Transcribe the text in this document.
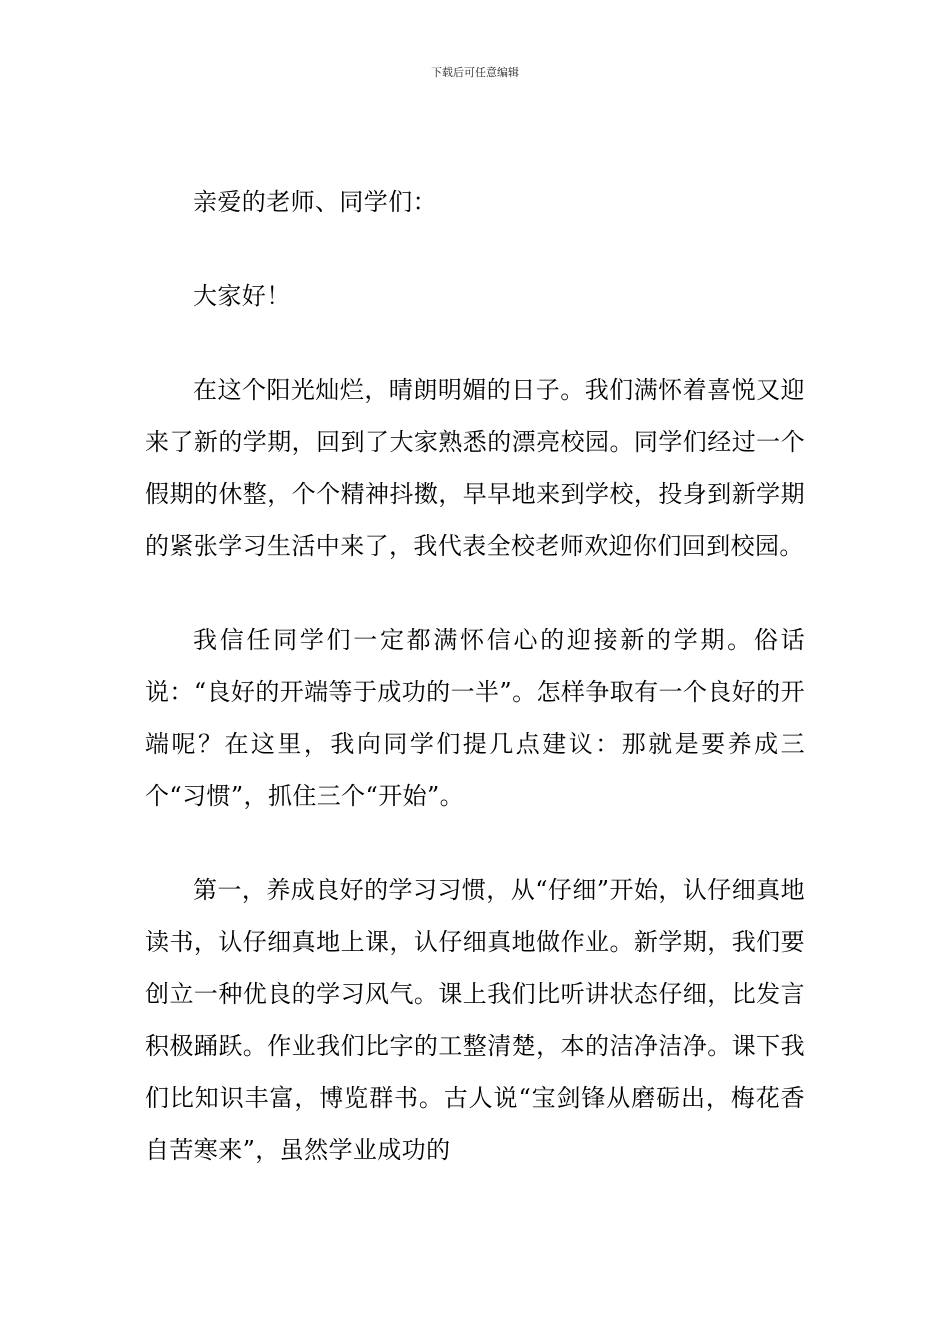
下载后可任意编辑

亲爱的老师、同学们：

大家好！

在这个阳光灿烂，晴朗明媚的日子。我们满怀着喜悦又迎来了新的学期，回到了大家熟悉的漂亮校园。同学们经过一个假期的休整，个个精神抖擞，早早地来到学校，投身到新学期的紧张学习生活中来了，我代表全校老师欢迎你们回到校园。

我信任同学们一定都满怀信心的迎接新的学期。俗话说：“良好的开端等于成功的一半”。怎样争取有一个良好的开端呢？在这里，我向同学们提几点建议：那就是要养成三个“习惯”，抓住三个“开始”。

第一，养成良好的学习习惯，从“仔细”开始，认仔细真地读书，认仔细真地上课，认仔细真地做作业。新学期，我们要创立一种优良的学习风气。课上我们比听讲状态仔细，比发言积极踊跃。作业我们比字的工整清楚，本的洁净洁净。课下我们比知识丰富，博览群书。古人说“宝剑锋从磨砺出，梅花香自苦寒来”，虽然学业成功的
